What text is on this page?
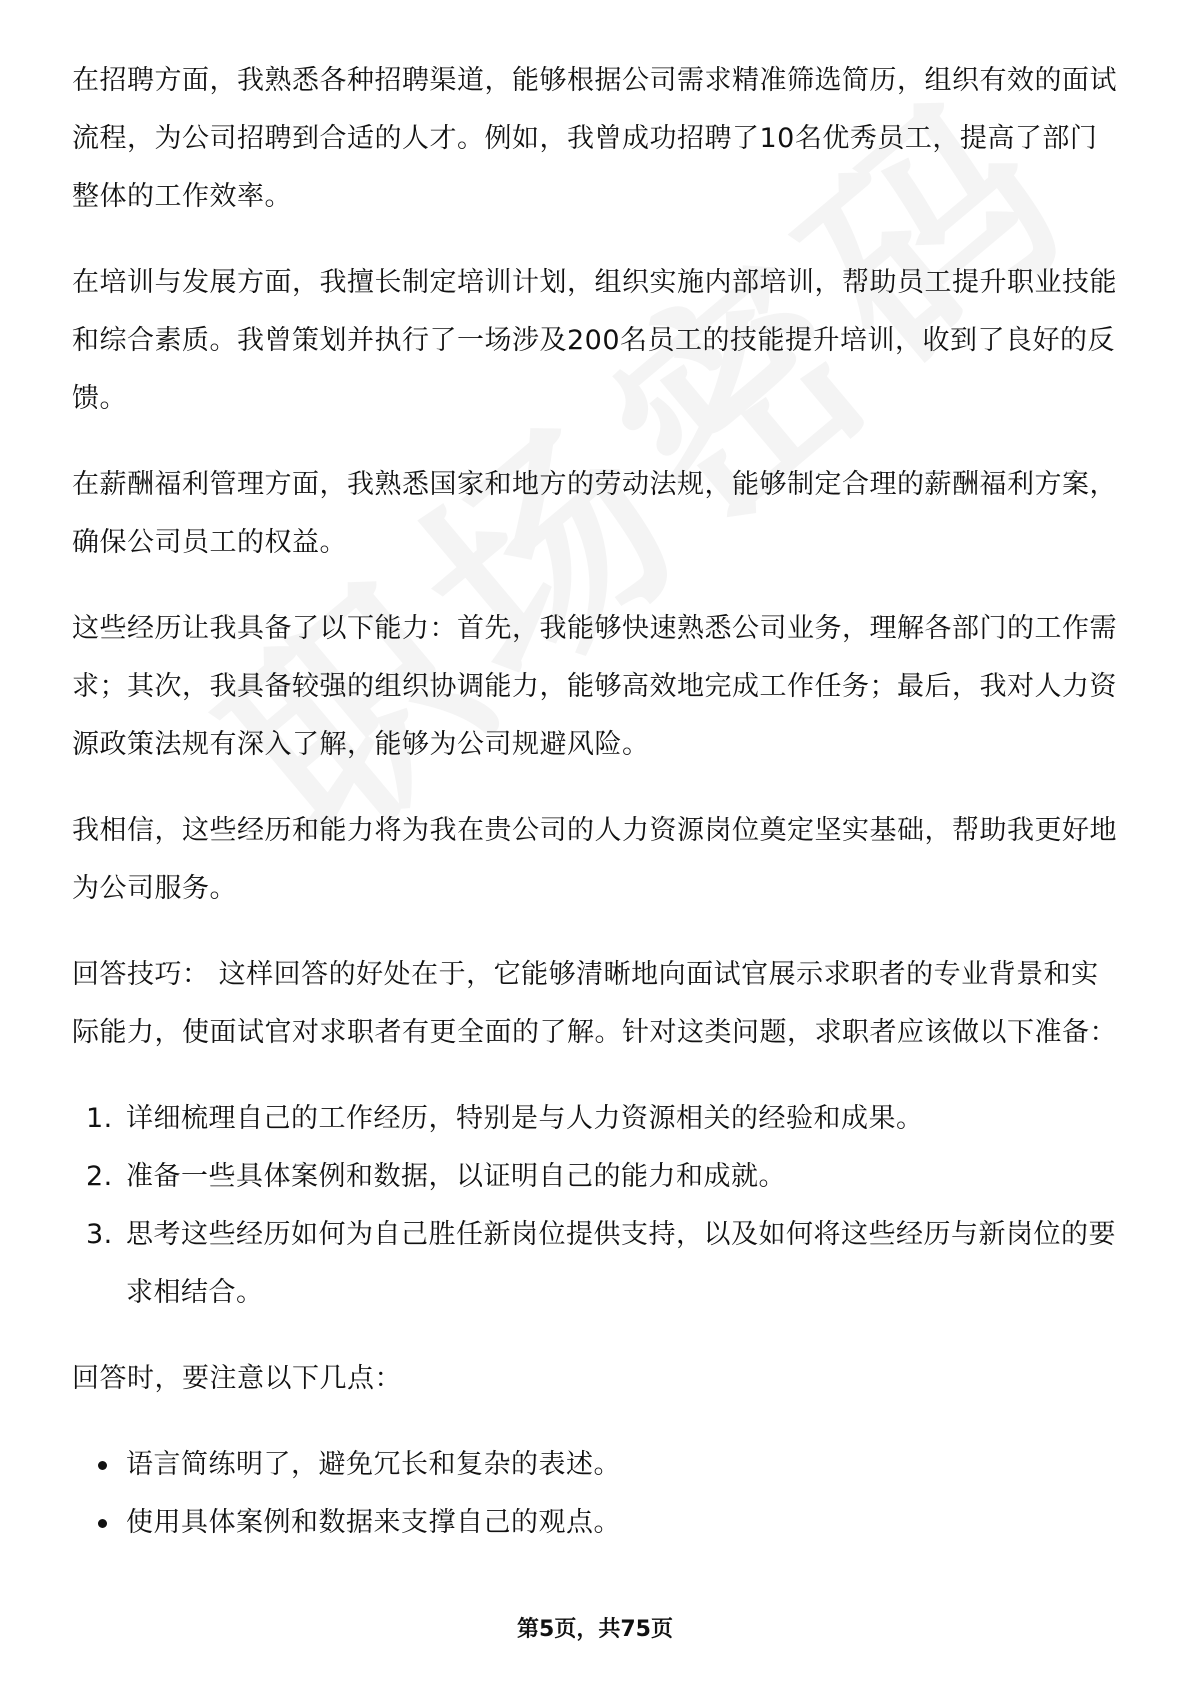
在招聘方面，我熟悉各种招聘渠道，能够根据公司需求精准筛选简历，组织有效的面试流程，为公司招聘到合适的人才。例如，我曾成功招聘了10名优秀员工，提高了部门整体的工作效率。

在培训与发展方面，我擅长制定培训计划，组织实施内部培训，帮助员工提升职业技能和综合素质。我曾策划并执行了一场涉及200名员工的技能提升培训，收到了良好的反馈。

在薪酬福利管理方面，我熟悉国家和地方的劳动法规，能够制定合理的薪酬福利方案，确保公司员工的权益。

这些经历让我具备了以下能力：首先，我能够快速熟悉公司业务，理解各部门的工作需求；其次，我具备较强的组织协调能力，能够高效地完成工作任务；最后，我对人力资源政策法规有深入了解，能够为公司规避风险。

我相信，这些经历和能力将为我在贵公司的人力资源岗位奠定坚实基础，帮助我更好地为公司服务。

回答技巧： 这样回答的好处在于，它能够清晰地向面试官展示求职者的专业背景和实际能力，使面试官对求职者有更全面的了解。针对这类问题，求职者应该做以下准备：

1. 详细梳理自己的工作经历，特别是与人力资源相关的经验和成果。
2. 准备一些具体案例和数据，以证明自己的能力和成就。
3. 思考这些经历如何为自己胜任新岗位提供支持，以及如何将这些经历与新岗位的要求相结合。

回答时，要注意以下几点：

语言简练明了，避免冗长和复杂的表述。
使用具体案例和数据来支撑自己的观点。
第5页，共75页
